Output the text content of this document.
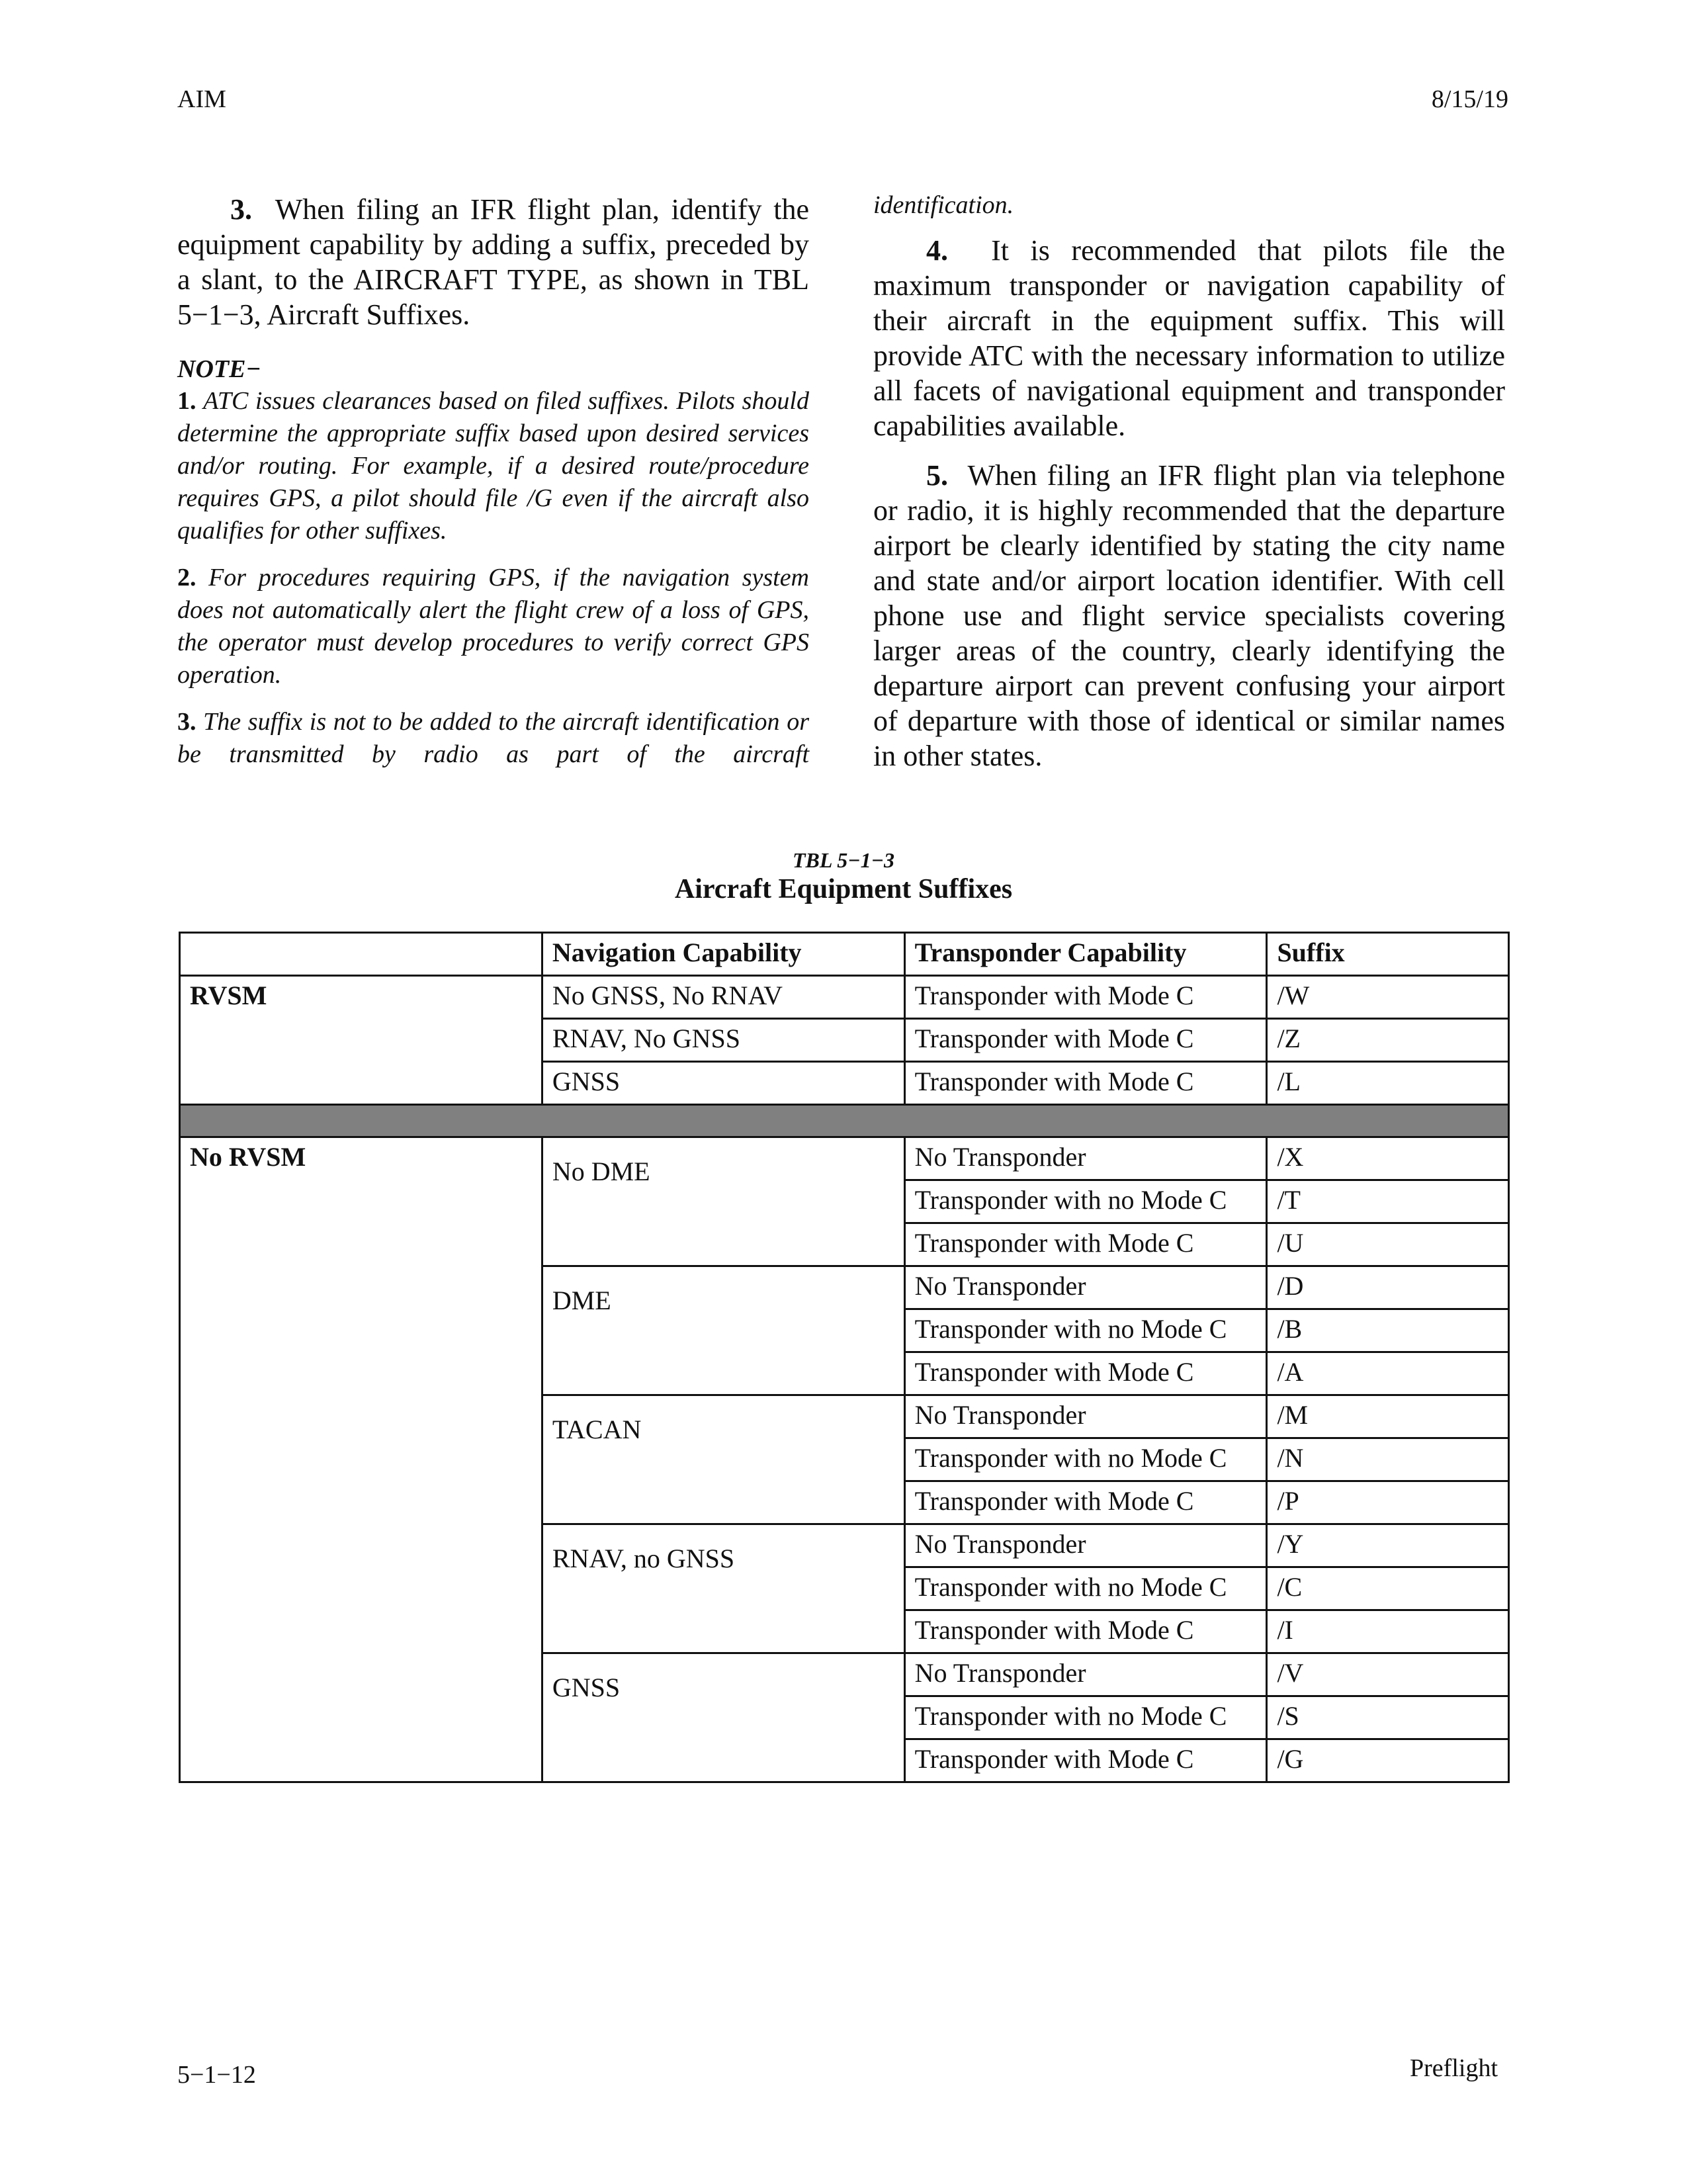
AIM	8/15/19

3. When filing an IFR flight plan, identify the equipment capability by adding a suffix, preceded by a slant, to the AIRCRAFT TYPE, as shown in TBL 5−1−3, Aircraft Suffixes.

NOTE−

1. ATC issues clearances based on filed suffixes. Pilots should determine the appropriate suffix based upon desired services and/or routing. For example, if a desired route/procedure requires GPS, a pilot should file /G even if the aircraft also qualifies for other suffixes.

2. For procedures requiring GPS, if the navigation system does not automatically alert the flight crew of a loss of GPS, the operator must develop procedures to verify correct GPS operation.

3. The suffix is not to be added to the aircraft identification or be transmitted by radio as part of the aircraft

identification.

4. It is recommended that pilots file the maximum transponder or navigation capability of their aircraft in the equipment suffix. This will provide ATC with the necessary information to utilize all facets of navigational equipment and transponder capabilities available.

5. When filing an IFR flight plan via telephone or radio, it is highly recommended that the departure airport be clearly identified by stating the city name and state and/or airport location identifier. With cell phone use and flight service specialists covering larger areas of the country, clearly identifying the departure airport can prevent confusing your airport of departure with those of identical or similar names in other states.

TBL 5−1−3
Aircraft Equipment Suffixes
	Navigation Capability	Transponder Capability	Suffix
RVSM	No GNSS, No RNAV	Transponder with Mode C	/W
	RNAV, No GNSS	Transponder with Mode C	/Z
	GNSS	Transponder with Mode C	/L

No RVSM	No DME	No Transponder	/X
		Transponder with no Mode C	/T
		Transponder with Mode C	/U
	DME	No Transponder	/D
		Transponder with no Mode C	/B
		Transponder with Mode C	/A
	TACAN	No Transponder	/M
		Transponder with no Mode C	/N
		Transponder with Mode C	/P
	RNAV, no GNSS	No Transponder	/Y
		Transponder with no Mode C	/C
		Transponder with Mode C	/I
	GNSS	No Transponder	/V
		Transponder with no Mode C	/S
		Transponder with Mode C	/G
5−1−12	Preflight
